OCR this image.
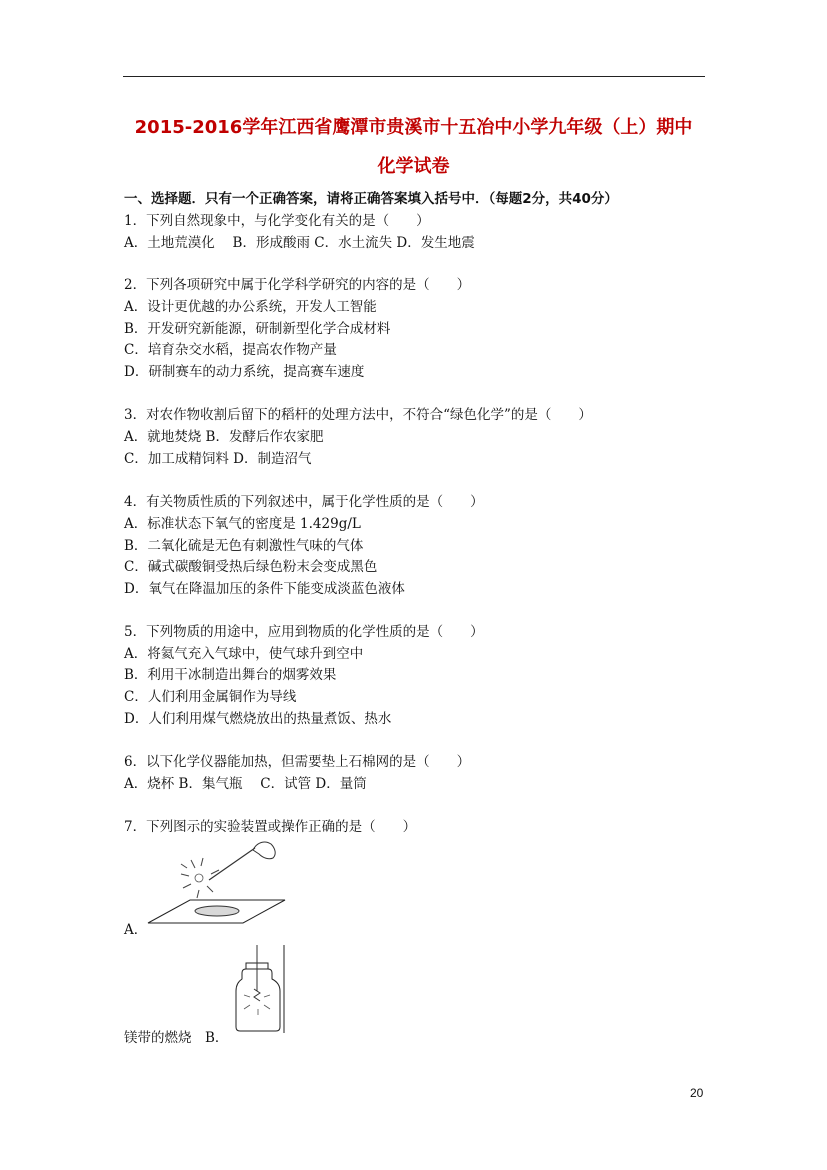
2015-2016学年江西省鹰潭市贵溪市十五冶中小学九年级（上）期中
化学试卷
一、选择题．只有一个正确答案，请将正确答案填入括号中．（每题2分，共40分）
1．下列自然现象中，与化学变化有关的是（　　）
A．土地荒漠化　 B．形成酸雨 C．水土流失 D．发生地震
2．下列各项研究中属于化学科学研究的内容的是（　　）
A．设计更优越的办公系统，开发人工智能
B．开发研究新能源，研制新型化学合成材料
C．培育杂交水稻，提高农作物产量
D．研制赛车的动力系统，提高赛车速度
3．对农作物收割后留下的稻杆的处理方法中，不符合“绿色化学”的是（　　）
A．就地焚烧 B．发酵后作农家肥
C．加工成精饲料 D．制造沼气
4．有关物质性质的下列叙述中，属于化学性质的是（　　）
A．标准状态下氧气的密度是 1.429g/L
B．二氧化硫是无色有刺激性气味的气体
C．碱式碳酸铜受热后绿色粉末会变成黑色
D．氧气在降温加压的条件下能变成淡蓝色液体
5．下列物质的用途中，应用到物质的化学性质的是（　　）
A．将氦气充入气球中，使气球升到空中
B．利用干冰制造出舞台的烟雾效果
C．人们利用金属铜作为导线
D．人们利用煤气燃烧放出的热量煮饭、热水
6．以下化学仪器能加热，但需要垫上石棉网的是（　　）
A．烧杯 B．集气瓶　 C．试管 D．量筒
7．下列图示的实验装置或操作正确的是（　　）
A．
镁带的燃烧　B．
20
